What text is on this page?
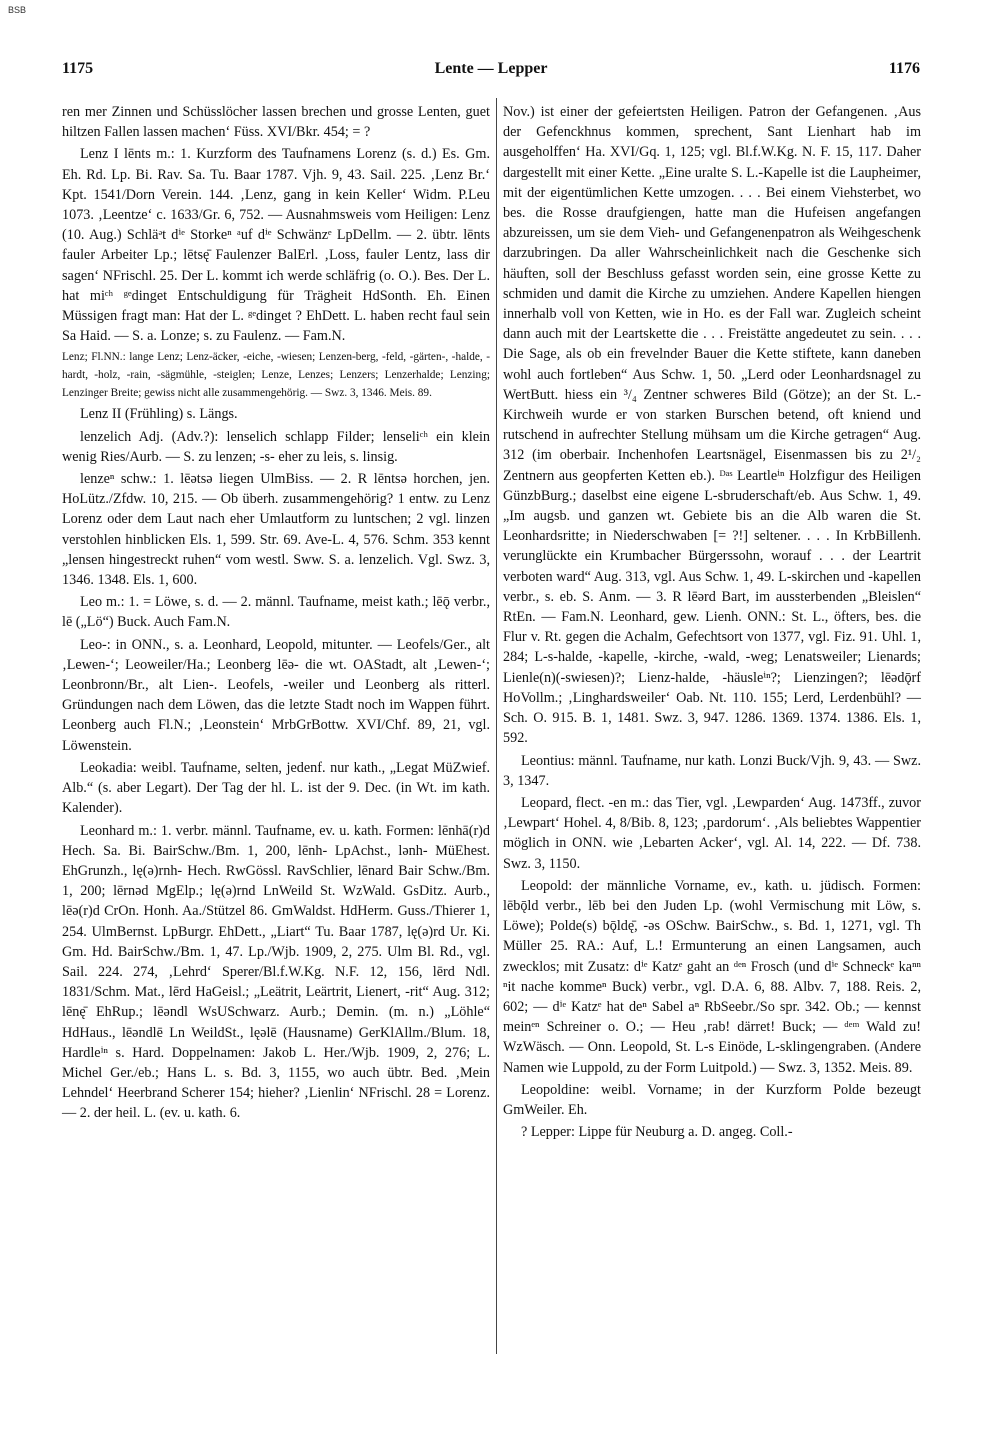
BSB
1175	Lente — Lepper	1176

ren mer Zinnen und Schüsslöcher lassen brechen und grosse Lenten, guet hiltzen Fallen lassen machen‘ Füss. XVI/Bkr. 454; = ?

Lenz I lēnts m.: 1. Kurzform des Taufnamens Lorenz (s. d.) Es. Gm. Eh. Rd. Lp. Bi. Rav. Sa. Tu. Baar 1787. Vjh. 9, 43. Sail. 225. ‚Lenz Br.‘ Kpt. 1541/Dorn Verein. 144. ‚Lenz, gang in kein Keller‘ Widm. P.Leu 1073. ‚Leentze‘ c. 1633/Gr. 6, 752. — Ausnahmsweis vom Heiligen: Lenz (10. Aug.) Schläᵊt dⁱᵉ Storkeⁿ ᵃuf dⁱᵉ Schwänzᵉ LpDellm. — 2. übtr. lēnts fauler Arbeiter Lp.; lētsę̄ Faulenzer BalErl. ‚Loss, fauler Lentz, lass dir sagen‘ NFrischl. 25. Der L. kommt ich werde schläfrig (o. O.). Bes. Der L. hat miᶜʰ ᵍᵉdinget Entschuldigung für Trägheit HdSonth. Eh. Einen Müssigen fragt man: Hat der L. ᵍᵉdinget ? EhDett. L. haben recht faul sein Sa Haid. — S. a. Lonze; s. zu Faulenz. — Fam.N.

Lenz; Fl.NN.: lange Lenz; Lenz-äcker, -eiche, -wiesen; Lenzen-berg, -feld, -gärten-, -halde, -hardt, -holz, -rain, -sägmühle, -steiglen; Lenze, Lenzes; Lenzers; Lenzerhalde; Lenzing; Lenzinger Breite; gewiss nicht alle zusammengehörig. — Swz. 3, 1346. Meis. 89.

Lenz II (Frühling) s. Längs.

lenzelich Adj. (Adv.?): lenselich schlapp Filder; lenseliᶜʰ ein klein wenig Ries/Aurb. — S. zu lenzen; -s- eher zu leis, s. linsig.

lenzeⁿ schw.: 1. lēətsə liegen UlmBiss. — 2. R lēntsə horchen, jen. HoLütz./Zfdw. 10, 215. — Ob überh. zusammengehörig? 1 entw. zu Lenz Lorenz oder dem Laut nach eher Umlautform zu luntschen; 2 vgl. linzen verstohlen hinblicken Els. 1, 599. Str. 69. Ave-L. 4, 576. Schm. 353 kennt „lensen hingestreckt ruhen“ vom westl. Sww. S. a. lenzelich. Vgl. Swz. 3, 1346. 1348. Els. 1, 600.

Leo m.: 1. = Löwe, s. d. — 2. männl. Taufname, meist kath.; lēǭ verbr., lē („Lö“) Buck. Auch Fam.N.

Leo-: in ONN., s. a. Leonhard, Leopold, mitunter. — Leofels/Ger., alt ‚Lewen-‘; Leoweiler/Ha.; Leonberg lēə- die wt. OAStadt, alt ‚Lewen-‘; Leonbronn/Br., alt Lien-. Leofels, -weiler und Leonberg als ritterl. Gründungen nach dem Löwen, das die letzte Stadt noch im Wappen führt. Leonberg auch Fl.N.; ‚Leonstein‘ MrbGrBottw. XVI/Chf. 89, 21, vgl. Löwenstein.

Leokadia: weibl. Taufname, selten, jedenf. nur kath., „Legat MüZwief. Alb.“ (s. aber Legart). Der Tag der hl. L. ist der 9. Dec. (in Wt. im kath. Kalender).

Leonhard m.: 1. verbr. männl. Taufname, ev. u. kath. Formen: lēnhā(r)d Hech. Sa. Bi. BairSchw./Bm. 1, 200, lēnh- LpAchst., lənh- MüEhest. EhGrunzh., lę(ə)rnh- Hech. RwGössl. RavSchlier, lēnard Bair Schw./Bm. 1, 200; lērnəd MgElp.; lę(ə)rnd LnWeild St. WzWald. GsDitz. Aurb., lēə(r)d CrOn. Honh. Aa./Stützel 86. GmWaldst. HdHerm. Guss./Thierer 1, 254. UlmBernst. LpBurgr. EhDett., „Liart“ Tu. Baar 1787, lę(ə)rd Ur. Ki. Gm. Hd. BairSchw./Bm. 1, 47. Lp./Wjb. 1909, 2, 275. Ulm Bl. Rd., vgl. Sail. 224. 274, ‚Lehrd‘ Sperer/Bl.f.W.Kg. N.F. 12, 156, lērd Ndl. 1831/Schm. Mat., lērd HaGeisl.; „Leätrit, Leärtrit, Lienert, -rit“ Aug. 312; lēnę̄ EhRup.; lēəndl WsUSchwarz. Aurb.; Demin. (m. n.) „Löhle“ HdHaus., lēəndlē Ln WeildSt., lęəlē (Hausname) GerKlAllm./Blum. 18, Hardleⁱⁿ s. Hard. Doppelnamen: Jakob L. Her./Wjb. 1909, 2, 276; L. Michel Ger./eb.; Hans L. s. Bd. 3, 1155, wo auch übtr. Bed. ‚Mein Lehndel‘ Heerbrand Scherer 154; hieher? ‚Lienlin‘ NFrischl. 28 = Lorenz. — 2. der heil. L. (ev. u. kath. 6.

Nov.) ist einer der gefeiertsten Heiligen. Patron der Gefangenen. ‚Aus der Gefenckhnus kommen, sprechent, Sant Lienhart hab im ausgeholffen‘ Ha. XVI/Gq. 1, 125; vgl. Bl.f.W.Kg. N. F. 15, 117. Daher dargestellt mit einer Kette. „Eine uralte S. L.-Kapelle ist die Laupheimer, mit der eigentümlichen Kette umzogen. . . . Bei einem Viehsterbet, wo bes. die Rosse draufgiengen, hatte man die Hufeisen angefangen abzureissen, um sie dem Vieh- und Gefangenenpatron als Weihgeschenk darzubringen. Da aller Wahrscheinlichkeit nach die Geschenke sich häuften, soll der Beschluss gefasst worden sein, eine grosse Kette zu schmiden und damit die Kirche zu umziehen. Andere Kapellen hiengen innerhalb voll von Ketten, wie in Ho. es der Fall war. Zugleich scheint dann auch mit der Leartskette die . . . Freistätte angedeutet zu sein. . . . Die Sage, als ob ein frevelnder Bauer die Kette stiftete, kann daneben wohl auch fortleben“ Aus Schw. 1, 50. „Lerd oder Leonhardsnagel zu WertButt. hiess ein ³/₄ Zentner schweres Bild (Götze); an der St. L.-Kirchweih wurde er von starken Burschen betend, oft kniend und rutschend in aufrechter Stellung mühsam um die Kirche getragen“ Aug. 312 (im oberbair. Inchenhofen Leartsnägel, Eisenmassen bis zu 2¹/₂ Zentnern aus geopferten Ketten eb.). ᴰᵃˢ Leartleⁱⁿ Holzfigur des Heiligen GünzbBurg.; daselbst eine eigene L-sbruderschaft/eb. Aus Schw. 1, 49. „Im augsb. und ganzen wt. Gebiete bis an die Alb waren die St. Leonhardsritte; in Niederschwaben [= ?!] seltener. . . . In KrbBillenh. verunglückte ein Krumbacher Bürgerssohn, worauf . . . der Leartrit verboten ward“ Aug. 313, vgl. Aus Schw. 1, 49. L-skirchen und -kapellen verbr., s. eb. S. Anm. — 3. R lēərd Bart, im aussterbenden „Bleislen“ RtEn. — Fam.N. Leonhard, gew. Lienh. ONN.: St. L., öfters, bes. die Flur v. Rt. gegen die Achalm, Gefechtsort von 1377, vgl. Fiz. 91. Uhl. 1, 284; L-s-halde, -kapelle, -kirche, -wald, -weg; Lenatsweiler; Lienards; Lienle(n)(-swiesen)?; Lienz-halde, -häusleⁱⁿ?; Lienzingen?; lēədǭrf HoVollm.; ‚Linghardsweiler‘ Oab. Nt. 110. 155; Lerd, Lerdenbühl? — Sch. O. 915. B. 1, 1481. Swz. 3, 947. 1286. 1369. 1374. 1386. Els. 1, 592.

Leontius: männl. Taufname, nur kath. Lonzi Buck/Vjh. 9, 43. — Swz. 3, 1347.

Leopard, flect. -en m.: das Tier, vgl. ‚Lewparden‘ Aug. 1473ff., zuvor ‚Lewpart‘ Hohel. 4, 8/Bib. 8, 123; ‚pardorum‘. ‚Als beliebtes Wappentier möglich in ONN. wie ‚Lebarten Acker‘, vgl. Al. 14, 222. — Df. 738. Swz. 3, 1150.

Leopold: der männliche Vorname, ev., kath. u. jüdisch. Formen: lēbǭld verbr., lēb bei den Juden Lp. (wohl Vermischung mit Löw, s. Löwe); Polde(s) bǭldę̄, -əs OSchw. BairSchw., s. Bd. 1, 1271, vgl. Th Müller 25. RA.: Auf, L.! Ermunterung an einen Langsamen, auch zwecklos; mit Zusatz: dⁱᵉ Katzᵉ gaht an ᵈᵉⁿ Frosch (und dⁱᵉ Schneckᵉ kaⁿⁿ ⁿit nache kommeⁿ Buck) verbr., vgl. D.A. 6, 88. Albv. 7, 188. Reis. 2, 602; — dⁱᵉ Katzᵉ hat deⁿ Sabel aⁿ RbSeebr./So spr. 342. Ob.; — kennst meinᵉⁿ Schreiner o. O.; — Heu ‚rab! därret! Buck; — ᵈᵉᵐ Wald zu! WzWäsch. — Onn. Leopold, St. L-s Einöde, L-sklingengraben. (Andere Namen wie Luppold, zu der Form Luitpold.) — Swz. 3, 1352. Meis. 89.

Leopoldine: weibl. Vorname; in der Kurzform Polde bezeugt GmWeiler. Eh.

? Lepper: Lippe für Neuburg a. D. angeg. Coll.-
